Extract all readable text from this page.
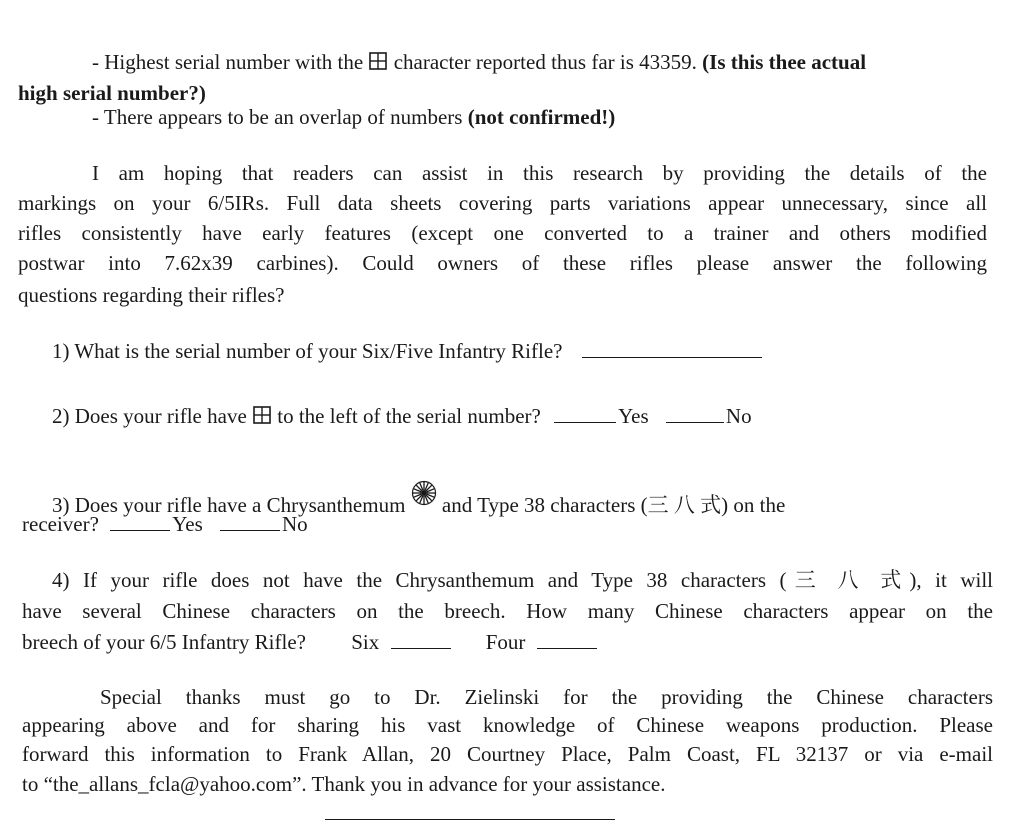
- Highest serial number with the character reported thus far is 43359. (Is this thee actual
high serial number?)
- There appears to be an overlap of numbers (not confirmed!)
I am hoping that readers can assist in this research by providing the details of the
markings on your 6/5IRs. Full data sheets covering parts variations appear unnecessary, since all
rifles consistently have early features (except one converted to a trainer and others modified
postwar into 7.62x39 carbines). Could owners of these rifles please answer the following
questions regarding their rifles?
1) What is the serial number of your Six/Five Infantry Rifle?
2) Does your rifle have to the left of the serial number?	Yes	No
3) Does your rifle have a Chrysanthemum and Type 38 characters (三 八 式) on the
receiver?	Yes	No
4) If your rifle does not have the Chrysanthemum and Type 38 characters (三 八 式), it will
have several Chinese characters on the breech. How many Chinese characters appear on the
breech of your 6/5 Infantry Rifle? Six	Four
Special thanks must go to Dr. Zielinski for the providing the Chinese characters
appearing above and for sharing his vast knowledge of Chinese weapons production. Please
forward this information to Frank Allan, 20 Courtney Place, Palm Coast, FL 32137 or via e-mail
to “the_allans_fcla@yahoo.com”. Thank you in advance for your assistance.
